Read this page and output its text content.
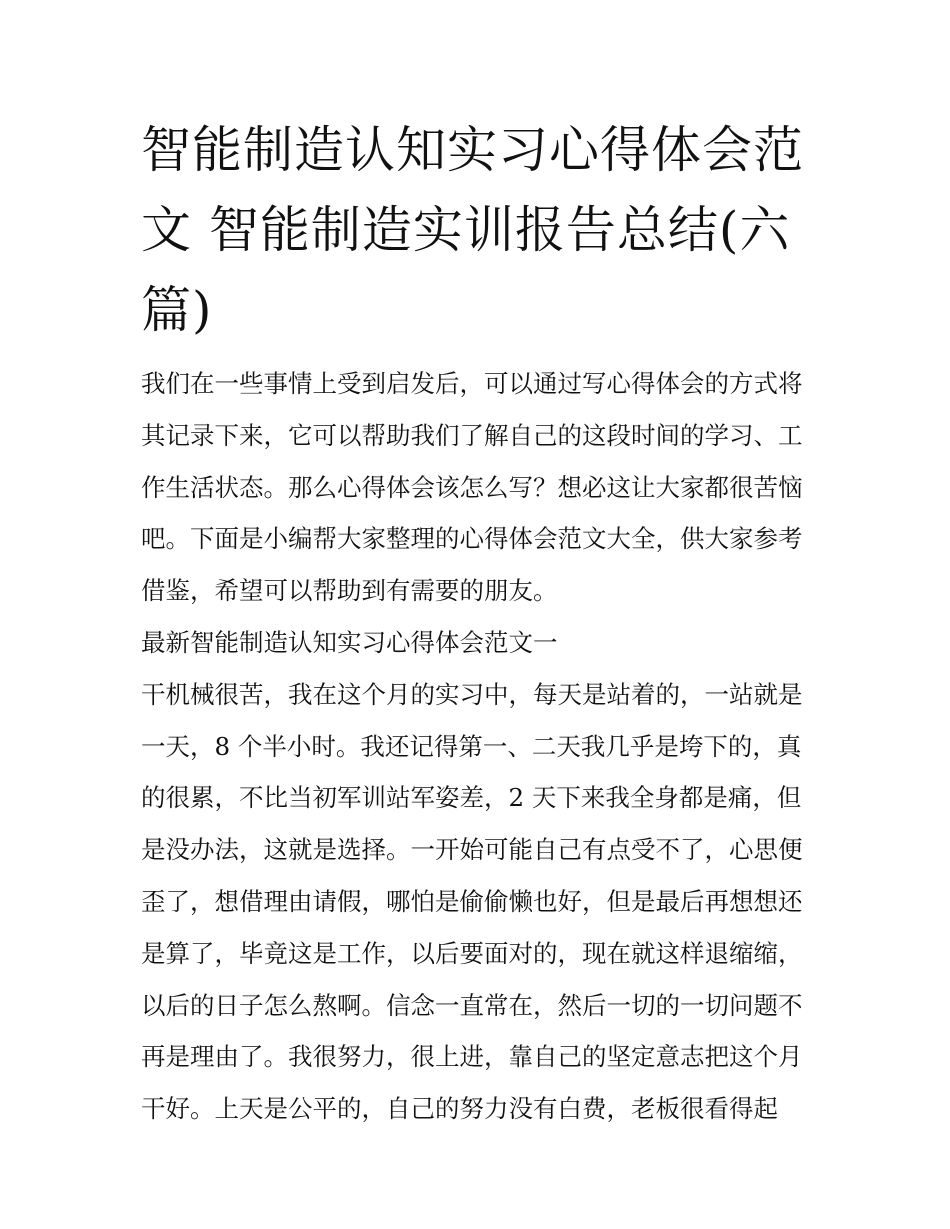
智能制造认知实习心得体会范
文 智能制造实训报告总结(六
篇)
我们在一些事情上受到启发后，可以通过写心得体会的方式将
其记录下来，它可以帮助我们了解自己的这段时间的学习、工
作生活状态。那么心得体会该怎么写？想必这让大家都很苦恼
吧。下面是小编帮大家整理的心得体会范文大全，供大家参考
借鉴，希望可以帮助到有需要的朋友。
最新智能制造认知实习心得体会范文一
干机械很苦，我在这个月的实习中，每天是站着的，一站就是
一天，8 个半小时。我还记得第一、二天我几乎是垮下的，真
的很累，不比当初军训站军姿差，2 天下来我全身都是痛，但
是没办法，这就是选择。一开始可能自己有点受不了，心思便
歪了，想借理由请假，哪怕是偷偷懒也好，但是最后再想想还
是算了，毕竟这是工作，以后要面对的，现在就这样退缩缩，
以后的日子怎么熬啊。信念一直常在，然后一切的一切问题不
再是理由了。我很努力，很上进，靠自己的坚定意志把这个月
干好。上天是公平的，自己的努力没有白费，老板很看得起
